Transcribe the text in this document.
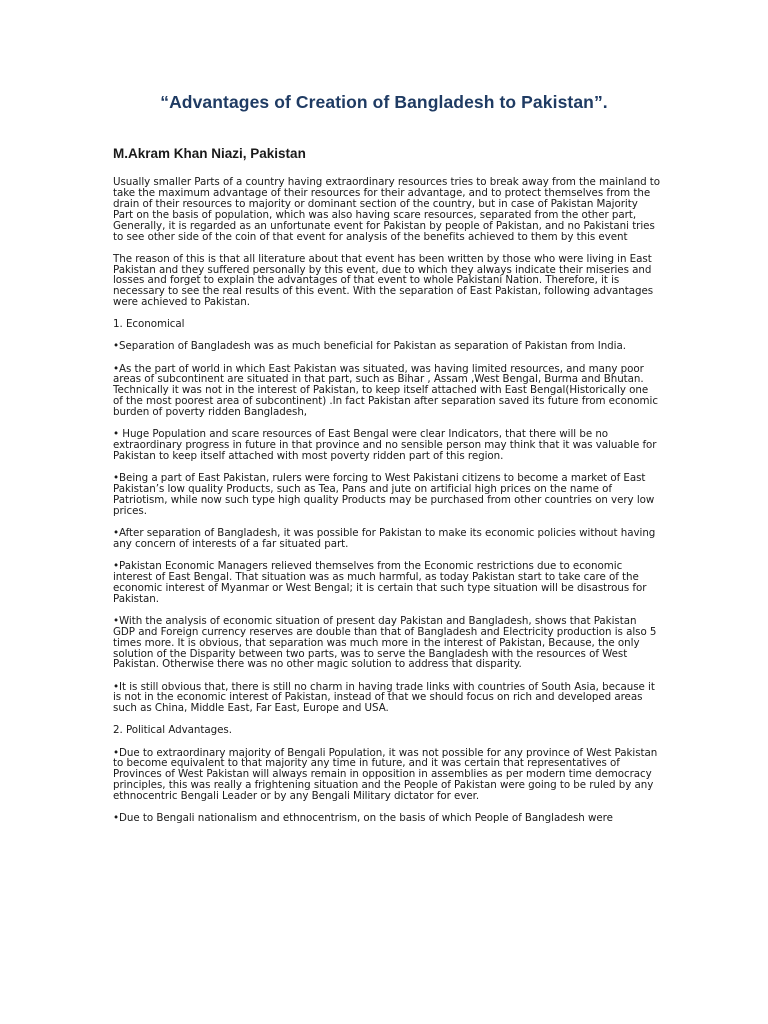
“Advantages of Creation of Bangladesh to Pakistan”.
M.Akram Khan Niazi, Pakistan

Usually smaller Parts of a country having extraordinary resources tries to break away from the mainland to take the maximum advantage of their resources for their advantage, and to protect themselves from the drain of their resources to majority or dominant section of the country, but in case of Pakistan Majority Part on the basis of population, which was also having scare resources, separated from the other part, Generally, it is regarded as an unfortunate event for Pakistan by people of Pakistan, and no Pakistani tries to see other side of the coin of that event for analysis of the benefits achieved to them by this event

The reason of this is that all literature about that event has been written by those who were living in East Pakistan and they suffered personally by this event, due to which they always indicate their miseries and losses and forget to explain the advantages of that event to whole Pakistani Nation. Therefore, it is necessary to see the real results of this event. With the separation of East Pakistan, following advantages were achieved to Pakistan.

1. Economical

•Separation of Bangladesh was as much beneficial for Pakistan as separation of Pakistan from India.

•As the part of world in which East Pakistan was situated, was having limited resources, and many poor areas of subcontinent are situated in that part, such as Bihar , Assam ,West Bengal, Burma and Bhutan. Technically it was not in the interest of Pakistan, to keep itself attached with East Bengal(Historically one of the most poorest area of subcontinent) .In fact Pakistan after separation saved its future from economic burden of poverty ridden Bangladesh,

• Huge Population and scare resources of East Bengal were clear Indicators, that there will be no extraordinary progress in future in that province and no sensible person may think that it was valuable for Pakistan to keep itself attached with most poverty ridden part of this region.

•Being a part of East Pakistan, rulers were forcing to West Pakistani citizens to become a market of East Pakistan’s low quality Products, such as Tea, Pans and jute on artificial high prices on the name of Patriotism, while now such type high quality Products may be purchased from other countries on very low prices.

•After separation of Bangladesh, it was possible for Pakistan to make its economic policies without having any concern of interests of a far situated part.

•Pakistan Economic Managers relieved themselves from the Economic restrictions due to economic interest of East Bengal. That situation was as much harmful, as today Pakistan start to take care of the economic interest of Myanmar or West Bengal; it is certain that such type situation will be disastrous for Pakistan.

•With the analysis of economic situation of present day Pakistan and Bangladesh, shows that Pakistan GDP and Foreign currency reserves are double than that of Bangladesh and Electricity production is also 5 times more. It is obvious, that separation was much more in the interest of Pakistan, Because, the only solution of the Disparity between two parts, was to serve the Bangladesh with the resources of West Pakistan. Otherwise there was no other magic solution to address that disparity.

•It is still obvious that, there is still no charm in having trade links with countries of South Asia, because it is not in the economic interest of Pakistan, instead of that we should focus on rich and developed areas such as China, Middle East, Far East, Europe and USA.

2. Political Advantages.

•Due to extraordinary majority of Bengali Population, it was not possible for any province of West Pakistan to become equivalent to that majority any time in future, and it was certain that representatives of Provinces of West Pakistan will always remain in opposition in assemblies as per modern time democracy principles, this was really a frightening situation and the People of Pakistan were going to be ruled by any ethnocentric Bengali Leader or by any Bengali Military dictator for ever.

•Due to Bengali nationalism and ethnocentrism, on the basis of which People of Bangladesh were
